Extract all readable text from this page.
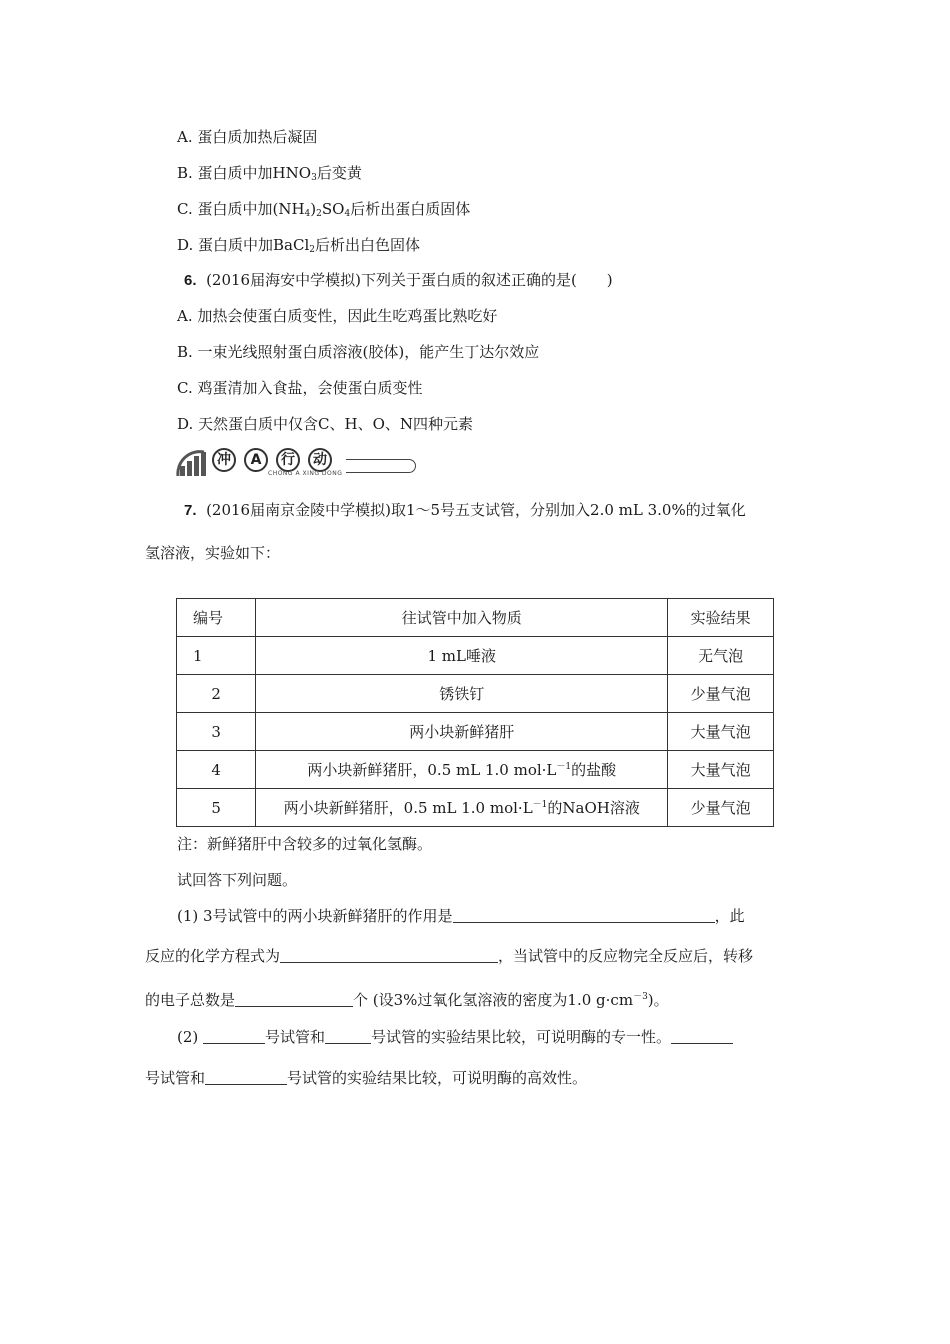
A. 蛋白质加热后凝固
B. 蛋白质中加$HNO_3$后变黄
C. 蛋白质中加$(NH_4)_2SO_4$后析出蛋白质固体
D. 蛋白质中加BaCl$_2$后析出白色固体
6. (2016届海安中学模拟)下列关于蛋白质的叙述正确的是(　　)
A. 加热会使蛋白质变性，因此生吃鸡蛋比熟吃好
B. 一束光线照射蛋白质溶液(胶体)，能产生丁达尔效应
C. 鸡蛋清加入食盐，会使蛋白质变性
D. 天然蛋白质中仅含C、H、O、N四种元素
冲	A	行	动
CHONG A XING DONG
7. (2016届南京金陵中学模拟)取1～5号五支试管，分别加入2.0 mL 3.0%的过氧化
氢溶液，实验如下：
编号	往试管中加入物质	实验结果
1	1 mL唾液	无气泡
2	锈铁钉	少量气泡
3	两小块新鲜猪肝	大量气泡
4	两小块新鲜猪肝，0.5 mL 1.0 $mol\cdot L^{-1}$的盐酸	大量气泡
5	两小块新鲜猪肝，0.5 mL 1.0 $mol\cdot L^{-1}$的NaOH溶液	少量气泡
注：新鲜猪肝中含较多的过氧化氢酶。
试回答下列问题。
(1) 3号试管中的两小块新鲜猪肝的作用是	，此
反应的化学方程式为	，当试管中的反应物完全反应后，转移
的电子总数是	个 (设3%过氧化氢溶液的密度为1.0 $g\cdot cm^{-3}$)。
(2)	号试管和	号试管的实验结果比较，可说明酶的专一性。
号试管和	号试管的实验结果比较，可说明酶的高效性。
